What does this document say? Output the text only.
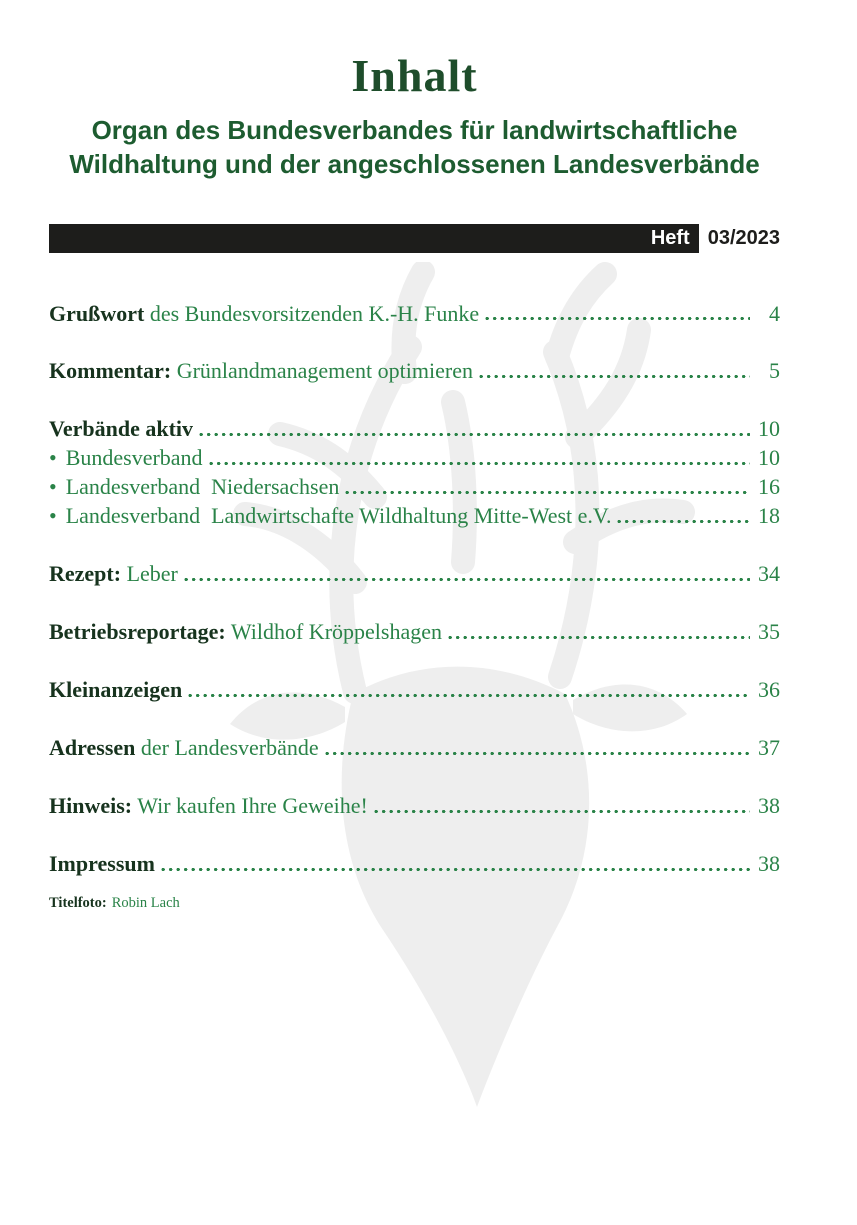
Inhalt
Organ des Bundesverbandes für landwirtschaftliche
Wildhaltung und der angeschlossenen Landesverbände
Heft 03/2023
Grußwort des Bundesvorsitzenden K.-H. Funke	4
Kommentar: Grünlandmanagement optimieren	5
Verbände aktiv	10
• Bundesverband	10
• Landesverband  Niedersachsen	16
• Landesverband  Landwirtschafte Wildhaltung Mitte-West e.V.	18
Rezept: Leber	34
Betriebsreportage: Wildhof Kröppelshagen	35
Kleinanzeigen	36
Adressen der Landesverbände	37
Hinweis: Wir kaufen Ihre Geweihe!	38
Impressum	38
Titelfoto: Robin Lach
